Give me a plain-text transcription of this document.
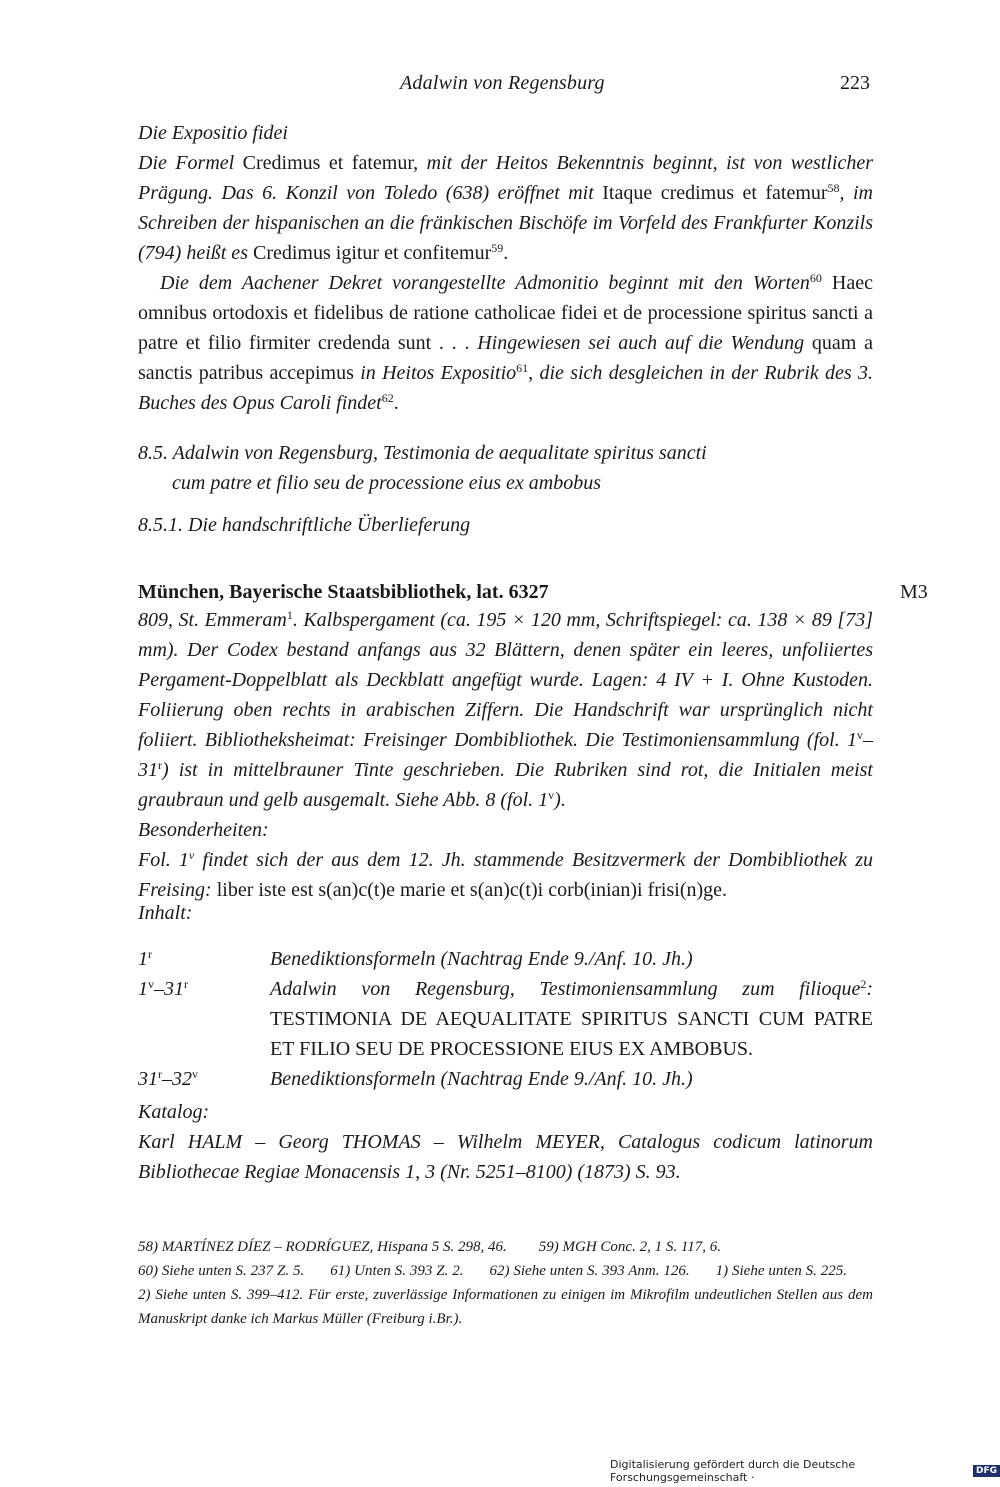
Adalwin von Regensburg	223

Die Expositio fidei

Die Formel Credimus et fatemur, mit der Heitos Bekenntnis beginnt, ist von westlicher Prägung. Das 6. Konzil von Toledo (638) eröffnet mit Itaque credimus et fatemur$^{58}$, im Schreiben der hispanischen an die fränkischen Bischöfe im Vorfeld des Frankfurter Konzils (794) heißt es Credimus igitur et confitemur$^{59}$.

Die dem Aachener Dekret vorangestellte Admonitio beginnt mit den Worten$^{60}$ Haec omnibus ortodoxis et fidelibus de ratione catholicae fidei et de processione spiritus sancti a patre et filio firmiter credenda sunt . . . Hingewiesen sei auch auf die Wendung quam a sanctis patribus accepimus in Heitos Expositio$^{61}$, die sich desgleichen in der Rubrik des 3. Buches des Opus Caroli findet$^{62}$.

8.5. Adalwin von Regensburg, Testimonia de aequalitate spiritus sancti
cum patre et filio seu de processione eius ex ambobus
8.5.1. Die handschriftliche Überlieferung
München, Bayerische Staatsbibliothek, lat. 6327	M3

809, St. Emmeram$^1$. Kalbspergament (ca. 195 × 120 mm, Schriftspiegel: ca. 138 × 89 [73] mm). Der Codex bestand anfangs aus 32 Blättern, denen später ein leeres, unfoliiertes Pergament-Doppelblatt als Deckblatt angefügt wurde. Lagen: 4 IV + I. Ohne Kustoden. Foliierung oben rechts in arabischen Ziffern. Die Handschrift war ursprünglich nicht foliiert. Bibliotheksheimat: Freisinger Dombibliothek. Die Testimoniensammlung (fol. 1$^v$–31$^r$) ist in mittelbrauner Tinte geschrieben. Die Rubriken sind rot, die Initialen meist graubraun und gelb ausgemalt. Siehe Abb. 8 (fol. 1$^v$).

Besonderheiten:

Fol. 1$^v$ findet sich der aus dem 12. Jh. stammende Besitzvermerk der Dombibliothek zu Freising: liber iste est s(an)c(t)e marie et s(an)c(t)i corb(inian)i frisi(n)ge.

Inhalt:
1$^r$	Benediktionsformeln (Nachtrag Ende 9./Anf. 10. Jh.)
1$^v$–31$^r$	Adalwin von Regensburg, Testimoniensammlung zum filioque$^2$: TESTIMONIA DE AEQUALITATE SPIRITUS SANCTI CUM PATRE ET FILIO SEU DE PROCESSIONE EIUS EX AMBOBUS.
31$^r$–32$^v$	Benediktionsformeln (Nachtrag Ende 9./Anf. 10. Jh.)

Katalog:

Karl HALM – Georg THOMAS – Wilhelm MEYER, Catalogus codicum latinorum Bibliothecae Regiae Monacensis 1, 3 (Nr. 5251–8100) (1873) S. 93.

58) MARTÍNEZ DÍEZ – RODRÍGUEZ, Hispana 5 S. 298, 46. 59) MGH Conc. 2, 1 S. 117, 6.

60) Siehe unten S. 237 Z. 5. 61) Unten S. 393 Z. 2. 62) Siehe unten S. 393 Anm. 126. 1) Siehe unten S. 225.2) Siehe unten S. 399–412. Für erste, zuverlässige Informationen zu einigen im Mikrofilm undeutlichen Stellen aus dem Manuskript danke ich Markus Müller (Freiburg i.Br.).

Digitalisierung gefördert durch die Deutsche Forschungsgemeinschaft ·	DFG
